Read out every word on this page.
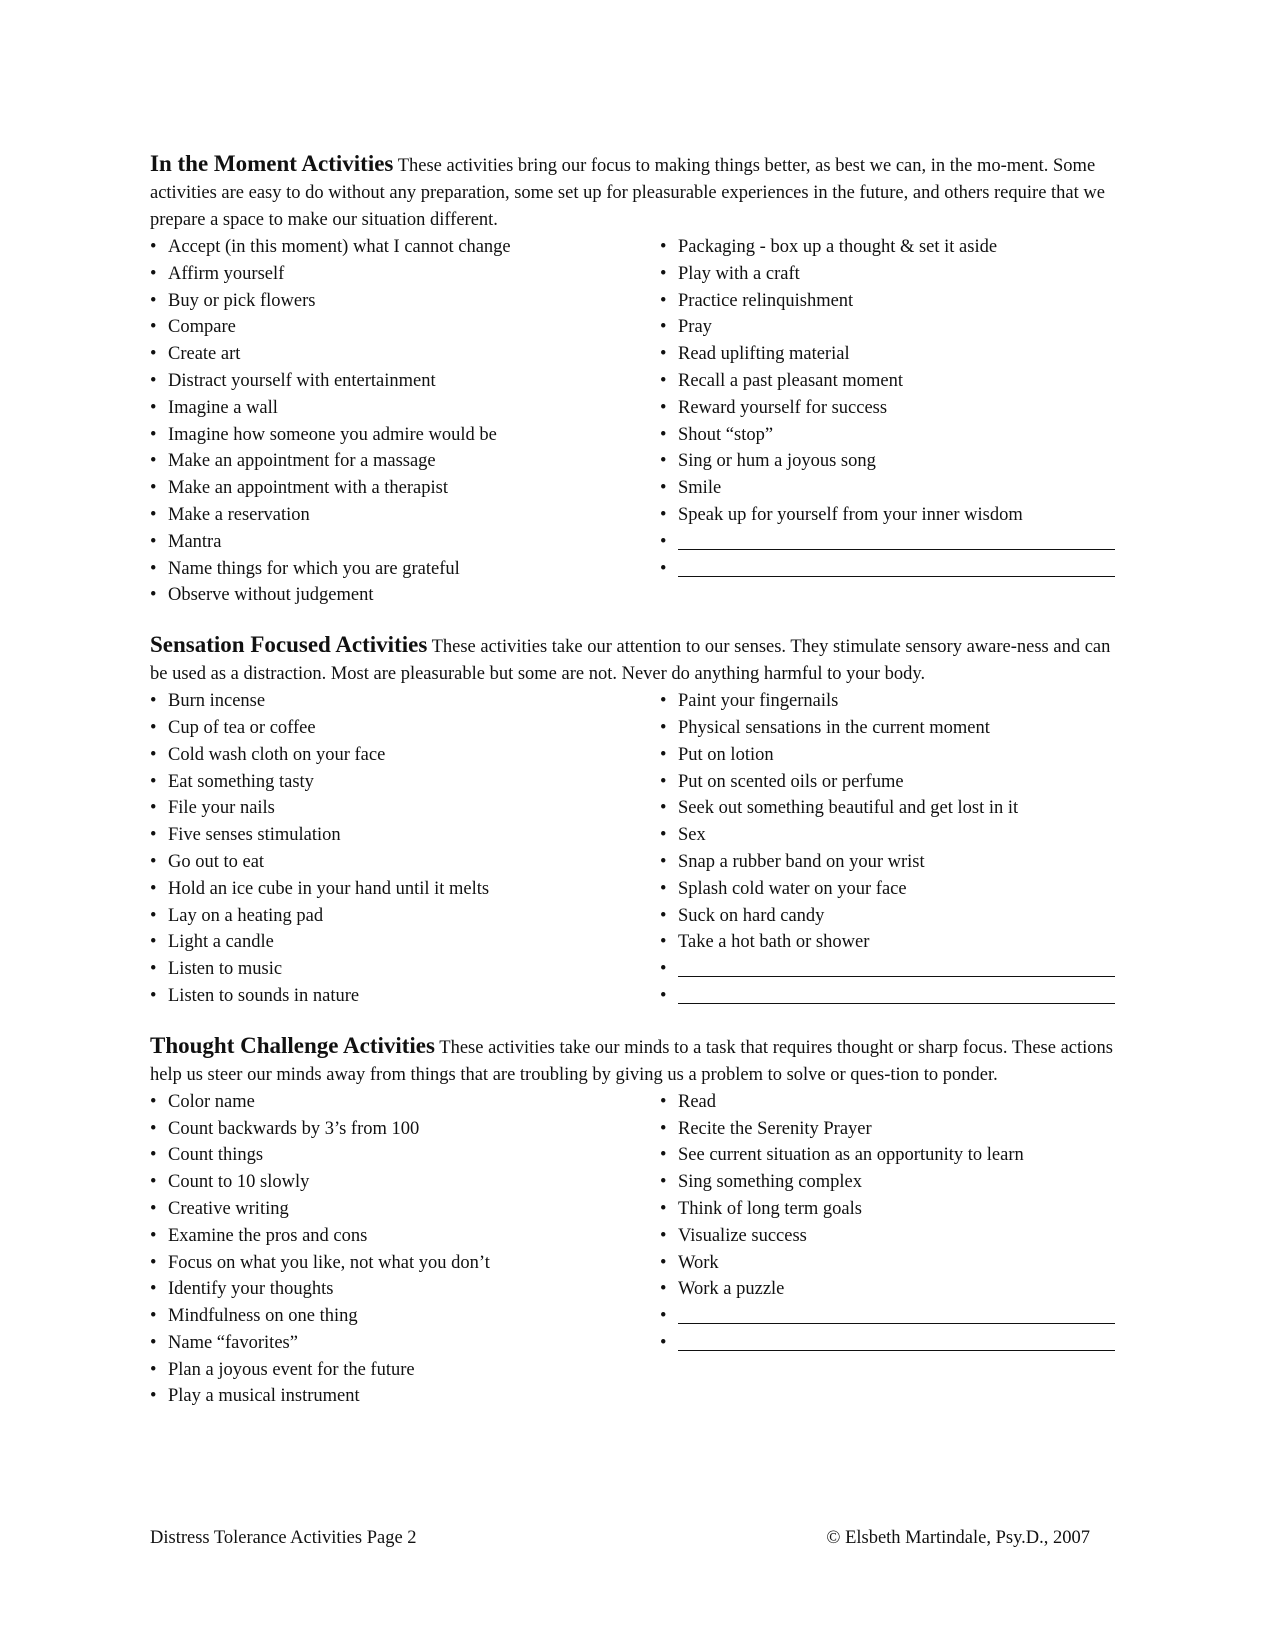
In the Moment Activities These activities bring our focus to making things better, as best we can, in the mo-ment. Some activities are easy to do without any preparation, some set up for pleasurable experiences in the future, and others require that we prepare a space to make our situation different.

• Accept (in this moment) what I cannot change
• Affirm yourself
• Buy or pick flowers
• Compare
• Create art
• Distract yourself with entertainment
• Imagine a wall
• Imagine how someone you admire would be
• Make an appointment for a massage
• Make an appointment with a therapist
• Make a reservation
• Mantra
• Name things for which you are grateful
• Observe without judgement
• Packaging - box up a thought & set it aside
• Play with a craft
• Practice relinquishment
• Pray
• Read uplifting material
• Recall a past pleasant moment
• Reward yourself for success
• Shout “stop”
• Sing or hum a joyous song
• Smile
• Speak up for yourself from your inner wisdom
•
•

Sensation Focused Activities These activities take our attention to our senses. They stimulate sensory aware-ness and can be used as a distraction. Most are pleasurable but some are not. Never do anything harmful to your body.

• Burn incense
• Cup of tea or coffee
• Cold wash cloth on your face
• Eat something tasty
• File your nails
• Five senses stimulation
• Go out to eat
• Hold an ice cube in your hand until it melts
• Lay on a heating pad
• Light a candle
• Listen to music
• Listen to sounds in nature
• Paint your fingernails
• Physical sensations in the current moment
• Put on lotion
• Put on scented oils or perfume
• Seek out something beautiful and get lost in it
• Sex
• Snap a rubber band on your wrist
• Splash cold water on your face
• Suck on hard candy
• Take a hot bath or shower
•
•

Thought Challenge Activities These activities take our minds to a task that requires thought or sharp focus. These actions help us steer our minds away from things that are troubling by giving us a problem to solve or ques-tion to ponder.

• Color name
• Count backwards by 3’s from 100
• Count things
• Count to 10 slowly
• Creative writing
• Examine the pros and cons
• Focus on what you like, not what you don’t
• Identify your thoughts
• Mindfulness on one thing
• Name “favorites”
• Plan a joyous event for the future
• Play a musical instrument
• Read
• Recite the Serenity Prayer
• See current situation as an opportunity to learn
• Sing something complex
• Think of long term goals
• Visualize success
• Work
• Work a puzzle
•
•
Distress Tolerance Activities Page 2	© Elsbeth Martindale, Psy.D., 2007
